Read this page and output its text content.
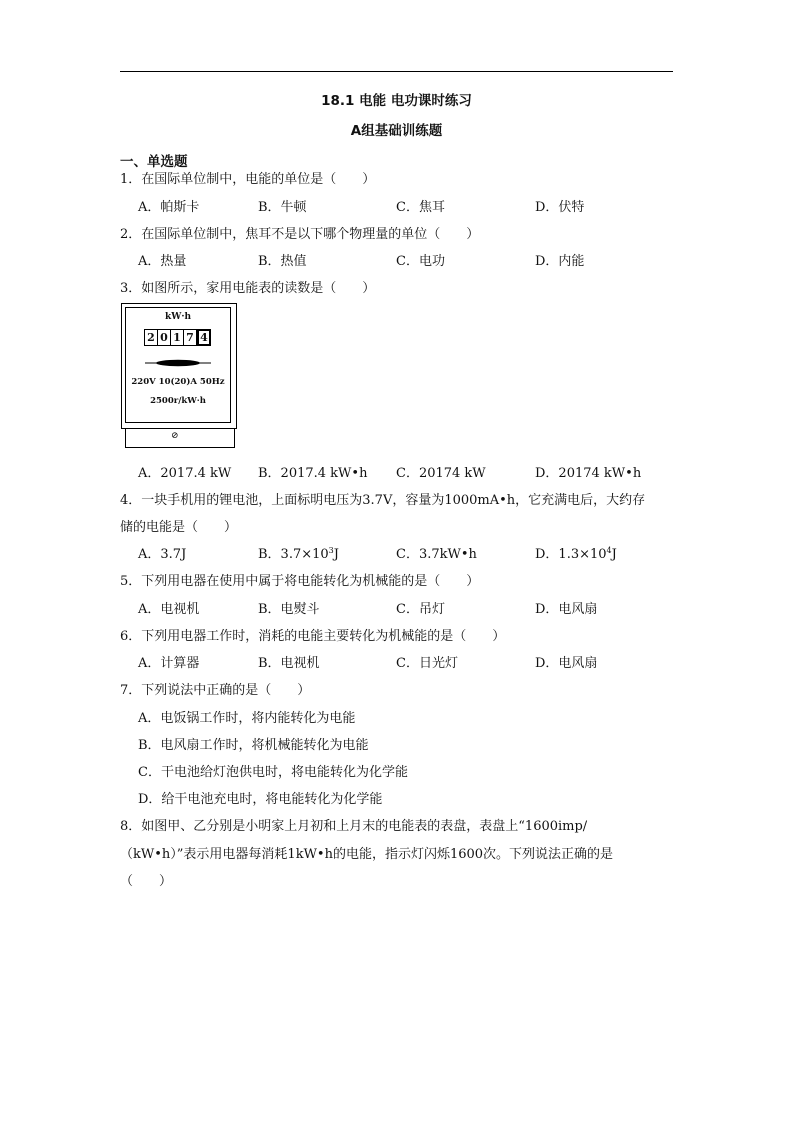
18.1 电能 电功课时练习
A组基础训练题
一、单选题
1．在国际单位制中，电能的单位是（　　）
A．帕斯卡	B．牛顿	C．焦耳	D．伏特
2．在国际单位制中，焦耳不是以下哪个物理量的单位（　　）
A．热量	B．热值	C．电功	D．内能
3．如图所示，家用电能表的读数是（　　）
kW·h
2 0 1 7 4
220V 10(20)A 50Hz
2500r/kW·h
⊘
A．2017.4 kW B．2017.4 kW•h C．20174 kW	D．20174 kW•h
4．一块手机用的锂电池，上面标明电压为3.7V，容量为1000mA•h，它充满电后，大约存
储的电能是（　　）
A．3.7J	B．$3.7\times 10^3J$	C．3.7kW•h	D．$1.3\times 10^4J$
5．下列用电器在使用中属于将电能转化为机械能的是（　　）
A．电视机	B．电熨斗	C．吊灯	D．电风扇
6．下列用电器工作时，消耗的电能主要转化为机械能的是（　　）
A．计算器	B．电视机	C．日光灯	D．电风扇
7．下列说法中正确的是（　　）
A．电饭锅工作时，将内能转化为电能
B．电风扇工作时，将机械能转化为电能
C．干电池给灯泡供电时，将电能转化为化学能
D．给干电池充电时，将电能转化为化学能
8．如图甲、乙分别是小明家上月初和上月末的电能表的表盘，表盘上“1600imp/
（kW•h）”表示用电器每消耗1kW•h的电能，指示灯闪烁1600次。下列说法正确的是
（　　）
